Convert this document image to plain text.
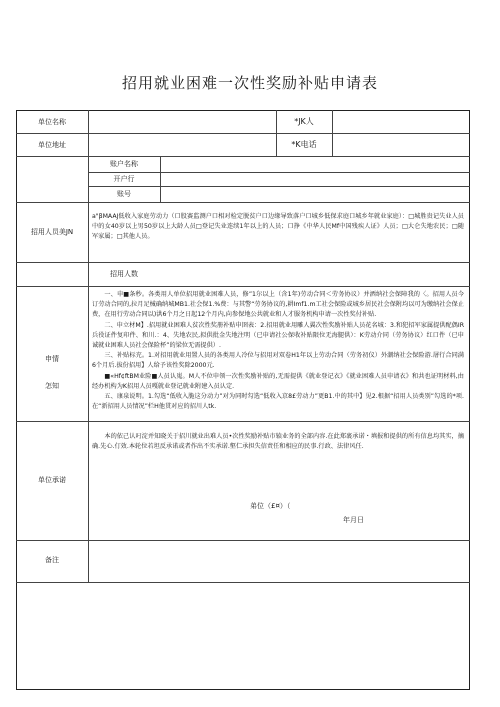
招用就业困难一次性奖励补贴申请表
单位名称	*JK人
单位地址	*K电话
账户名称
开户行
账号
招用人员美JN
a"βMAAJ低收入家庭劳动力（口股赛监测户口相对检定脱贫户口边缘导致落户口城乡低保求庭口城乡年就业家庭）：□城胜贵记失业人员中的女40岁以上男50岁以上大龄人员□登记失业连续1年以上的人员；口挣《中华人民Mf中国残疾人证》人员；□大仑失地农民；□随军家属；□其他人员。
招用人数
申情
怎知
一、申■条秒。各类用人单位招用就业困难人员，修”1尔以上（含1年)劳动合同＜劳务协议）并洒纳社会保障我的〈。招用人员今订劳动合同的,拉月足械确纳城MB1.社会保1.%费：与其警“劳务协议的,耕Imf1.m工社会保险或城乡居民社会保附均以可为缴纳社会保止费，在用行劳动合同以)洪6个月之日起12个月内,向参保地公共就业和人才服务机构申请一次性奖付补贴.
二、申立材M】.招用就业困难人贫次性奖册补贴申圉表：2.招用就业用雕人翼次性奖励补贴人员花名城：3.和犯招军家属提供配偶IR兵役证件复印件、和川.：4、失地农民,拟供批金失地注明（已申请社公保收补贴限位无海腿供）：K劳动介同（劳务协议）红口件（已申诚就业困难人员社会保险杯”的梁位无需提供）.
三、补贴标充。1.对招用就业用置人员的各类用人冷位与招用对双卷H1年以上劳动合同（劳务初仪）外潮纳社会保险游.屠行合同满6个月后.拔份招用】人给予该性奖除2000元.
■«Hf¢ftBM业险■人员认嵬。M人不位申领一次性奖励补贴的,无需提供《就业登记衣》《就业困难人员申请衣》和共也证明材料,由经办机构为K招用人员嘎就业登记就业附建入员认定.
五、康泉说明。1.勾选“低收入脆这分动力”对为同时勾选“低收入京8£劳动力”更B1.中的其中】见2.根据“招用人员类别”勾选的*项.在“新招用人员情况”栏H他贯对应的招川人tk.
单位承诺
本的依己认叼淀并知晓关于招川就业出难人员•次性奖励补贴市辕业务的全部内容.在此郑裹承诺・填报和提供的所有信息均其实，摘确.先心.仃效.本轮位若坦反承诺或者作出不实承诺.壑仁承担失信责任和相应的民事.行政、法律风任.
弟位（£¤）（
年月日
备注
